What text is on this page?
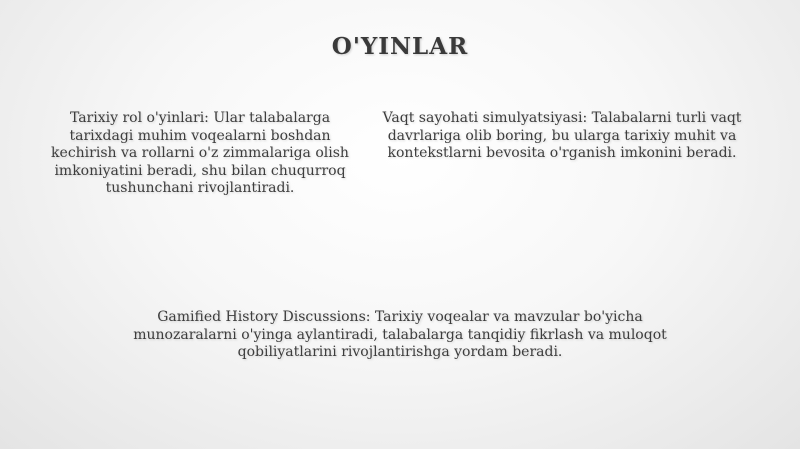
O'YINLAR

Tarixiy rol o'yinlari: Ular talabalarga tarixdagi muhim voqealarni boshdan kechirish va rollarni o'z zimmalariga olish imkoniyatini beradi, shu bilan chuqurroq tushunchani rivojlantiradi.

Vaqt sayohati simulyatsiyasi: Talabalarni turli vaqt davrlariga olib boring, bu ularga tarixiy muhit va kontekstlarni bevosita o'rganish imkonini beradi.

Gamified History Discussions: Tarixiy voqealar va mavzular bo'yicha munozaralarni o'yinga aylantiradi, talabalarga tanqidiy fikrlash va muloqot qobiliyatlarini rivojlantirishga yordam beradi.
